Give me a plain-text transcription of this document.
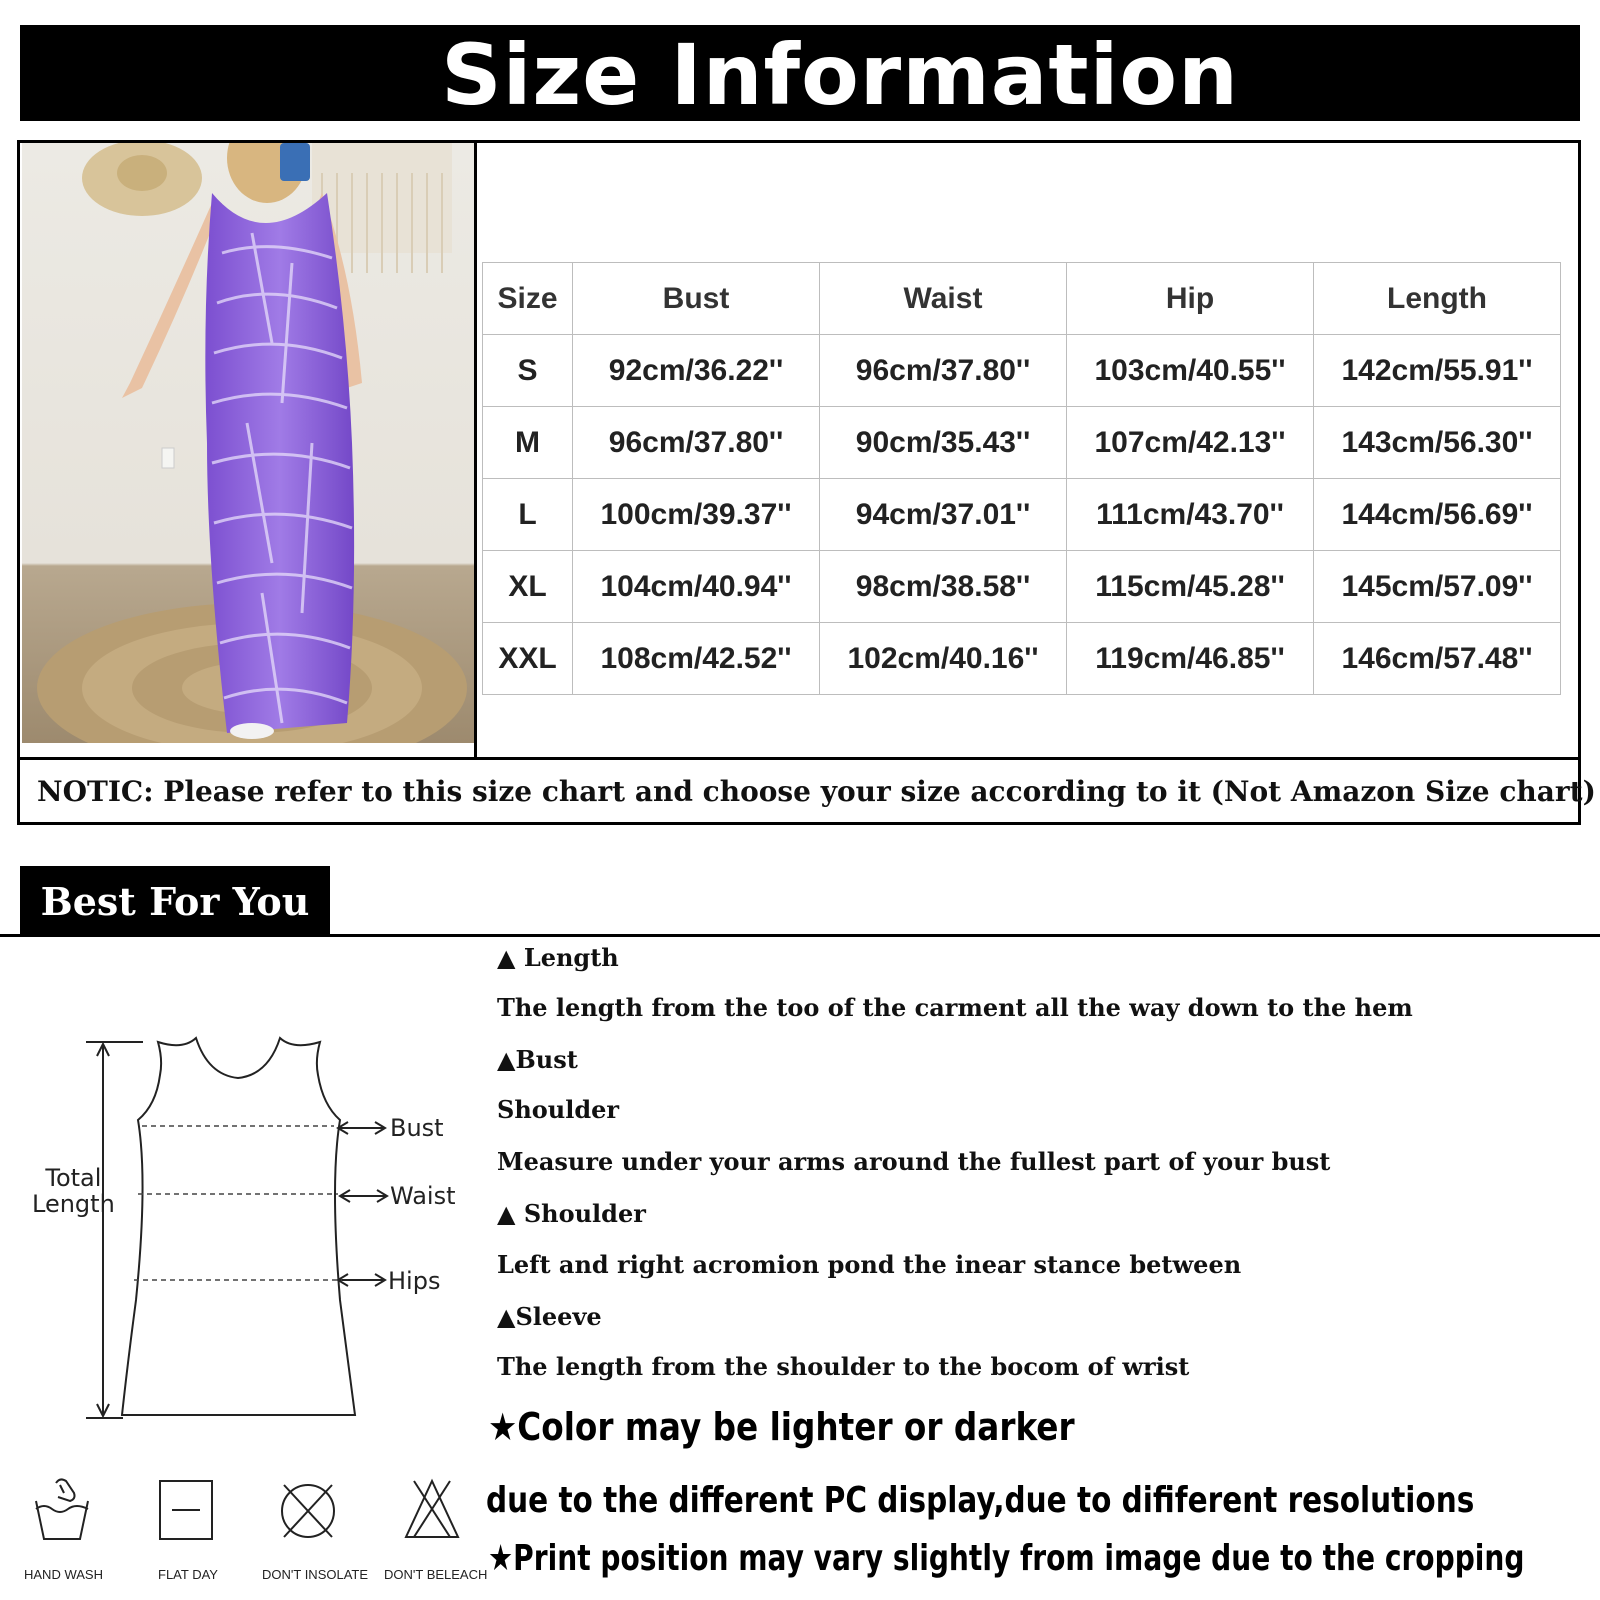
Size Information
Size	Bust	Waist	Hip	Length
S	92cm/36.22''	96cm/37.80''	103cm/40.55''	142cm/55.91''
M	96cm/37.80''	90cm/35.43''	107cm/42.13''	143cm/56.30''
L	100cm/39.37''	94cm/37.01''	111cm/43.70''	144cm/56.69''
XL	104cm/40.94''	98cm/38.58''	115cm/45.28''	145cm/57.09''
XXL	108cm/42.52''	102cm/40.16''	119cm/46.85''	146cm/57.48''
NOTIC: Please refer to this size chart and choose your size according to it (Not Amazon Size chart)
Best For You
Total
Length
Bust
Waist
Hips
HAND WASH	FLAT DAY	DON'T INSOLATE DON'T BELEACH
▲ Length
The length from the too of the carment all the way down to the hem
▲Bust
Shoulder
Measure under your arms around the fullest part of your bust
▲ Shoulder
Left and right acromion pond the inear stance between
▲Sleeve
The length from the shoulder to the bocom of wrist
★Color may be lighter or darker
due to the different PC display,due to dififerent resolutions
★Print position may vary slightly from image due to the cropping
